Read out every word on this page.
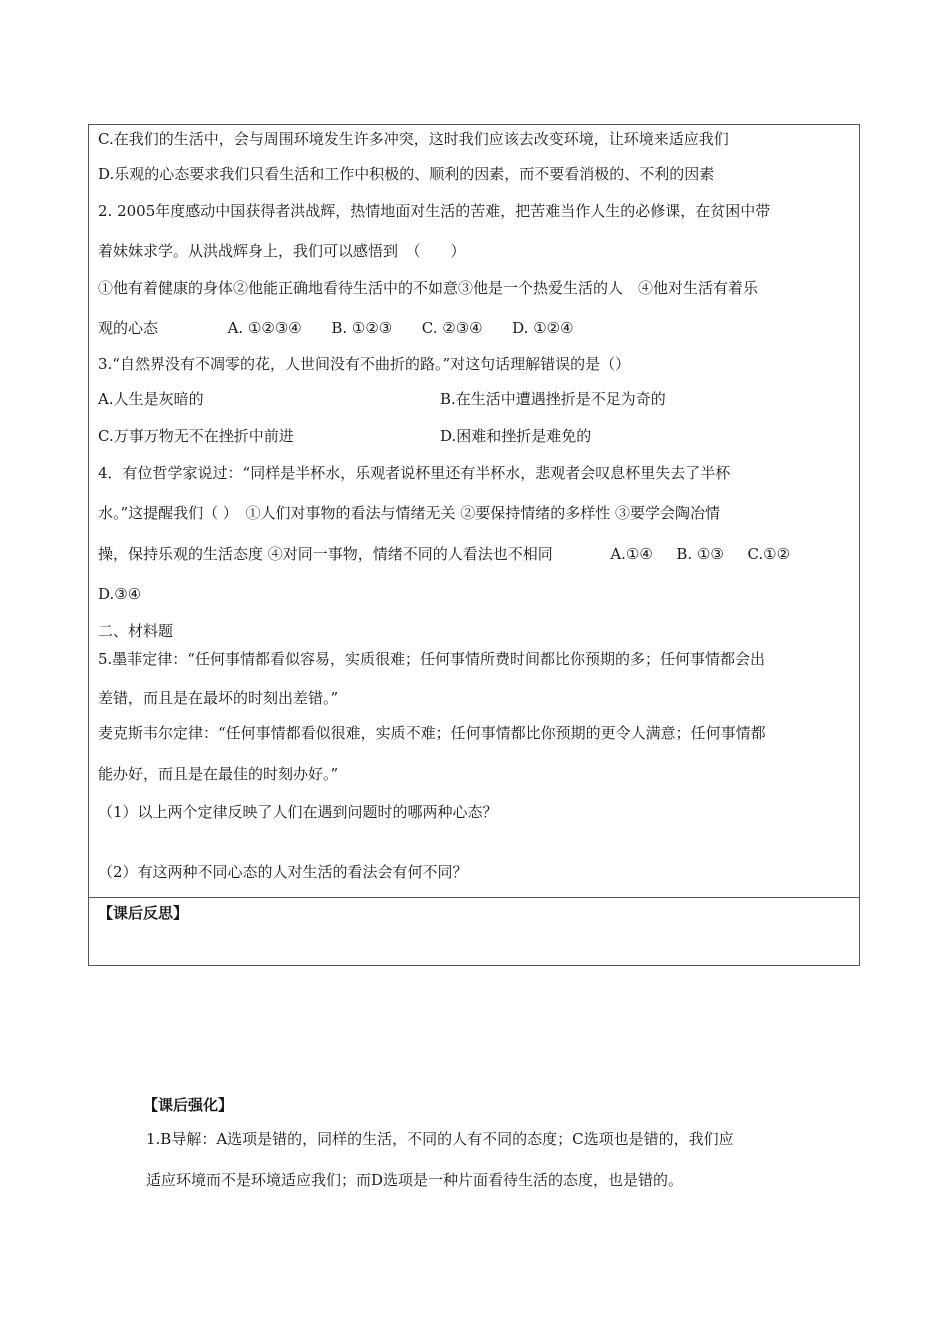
C.在我们的生活中，会与周围环境发生许多冲突，这时我们应该去改变环境，让环境来适应我们
D.乐观的心态要求我们只看生活和工作中积极的、顺利的因素，而不要看消极的、不利的因素
2. 2005年度感动中国获得者洪战辉，热情地面对生活的苦难，把苦难当作人生的必修课，在贫困中带
着妹妹求学。从洪战辉身上，我们可以感悟到　（　　）
①他有着健康的身体②他能正确地看待生活中的不如意③他是一个热爱生活的人　④他对生活有着乐
观的心态	A. ①②③④ B. ①②③ C. ②③④ D. ①②④
3.“自然界没有不凋零的花，人世间没有不曲折的路。”对这句话理解错误的是（）
A.人生是灰暗的	B.在生活中遭遇挫折是不足为奇的
C.万事万物无不在挫折中前进	D.困难和挫折是难免的
4．有位哲学家说过：“同样是半杯水，乐观者说杯里还有半杯水，悲观者会叹息杯里失去了半杯
水。”这提醒我们（ ）　①人们对事物的看法与情绪无关 ②要保持情绪的多样性 ③要学会陶冶情
操，保持乐观的生活态度 ④对同一事物，情绪不同的人看法也不相同	A.①④ B. ①③ C.①②
D.③④
二、材料题
5.墨菲定律：“任何事情都看似容易，实质很难；任何事情所费时间都比你预期的多；任何事情都会出
差错，而且是在最坏的时刻出差错。”
麦克斯韦尔定律：“任何事情都看似很难，实质不难；任何事情都比你预期的更令人满意；任何事情都
能办好，而且是在最佳的时刻办好。”
（1）以上两个定律反映了人们在遇到问题时的哪两种心态？
（2）有这两种不同心态的人对生活的看法会有何不同？
【课后反思】
【课后强化】
1.B导解：A选项是错的，同样的生活，不同的人有不同的态度；C选项也是错的，我们应
适应环境而不是环境适应我们；而D选项是一种片面看待生活的态度，也是错的。
